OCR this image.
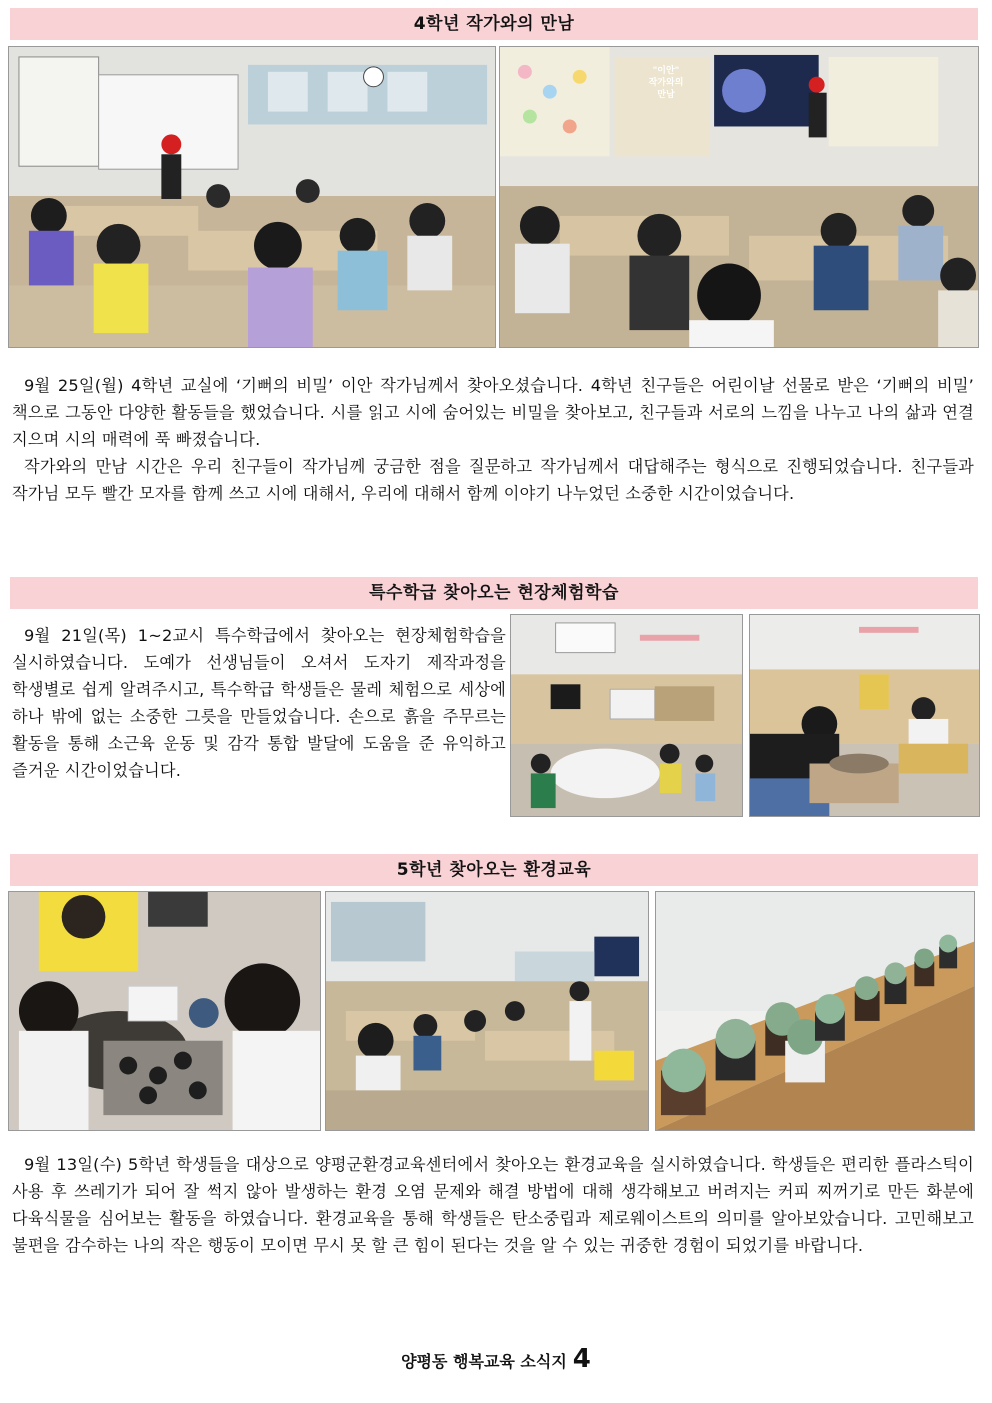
4학년 작가와의 만남
"이안"
작가와의
만남

9월 25일(월) 4학년 교실에 ‘기뻐의 비밀’ 이안 작가님께서 찾아오셨습니다. 4학년 친구들은 어린이날 선물로 받은 ‘기뻐의 비밀’ 책으로 그동안 다양한 활동들을 했었습니다. 시를 읽고 시에 숨어있는 비밀을 찾아보고, 친구들과 서로의 느낌을 나누고 나의 삶과 연결 지으며 시의 매력에 푹 빠졌습니다.

작가와의 만남 시간은 우리 친구들이 작가님께 궁금한 점을 질문하고 작가님께서 대답해주는 형식으로 진행되었습니다. 친구들과 작가님 모두 빨간 모자를 함께 쓰고 시에 대해서, 우리에 대해서 함께 이야기 나누었던 소중한 시간이었습니다.

특수학급 찾아오는 현장체험학습

9월 21일(목) 1~2교시 특수학급에서 찾아오는 현장체험학습을 실시하였습니다. 도예가 선생님들이 오셔서 도자기 제작과정을 학생별로 쉽게 알려주시고, 특수학급 학생들은 물레 체험으로 세상에 하나 밖에 없는 소중한 그릇을 만들었습니다. 손으로 흙을 주무르는 활동을 통해 소근육 운동 및 감각 통합 발달에 도움을 준 유익하고 즐거운 시간이었습니다.

5학년 찾아오는 환경교육

9월 13일(수) 5학년 학생들을 대상으로 양평군환경교육센터에서 찾아오는 환경교육을 실시하였습니다. 학생들은 편리한 플라스틱이 사용 후 쓰레기가 되어 잘 썩지 않아 발생하는 환경 오염 문제와 해결 방법에 대해 생각해보고 버려지는 커피 찌꺼기로 만든 화분에 다육식물을 심어보는 활동을 하였습니다. 환경교육을 통해 학생들은 탄소중립과 제로웨이스트의 의미를 알아보았습니다. 고민해보고 불편을 감수하는 나의 작은 행동이 모이면 무시 못 할 큰 힘이 된다는 것을 알 수 있는 귀중한 경험이 되었기를 바랍니다.

양평동 행복교육 소식지 4
